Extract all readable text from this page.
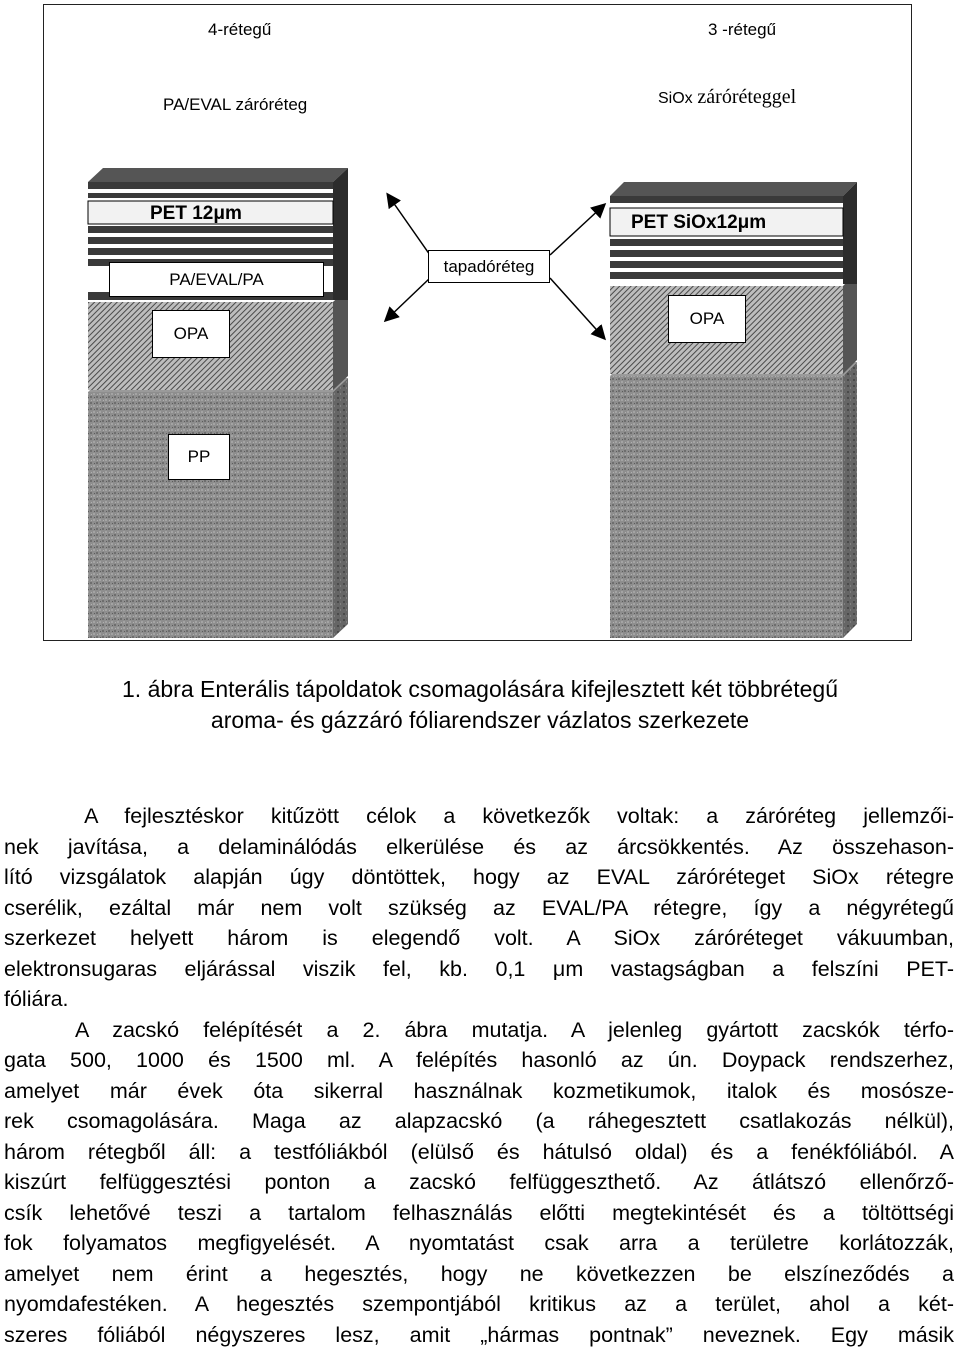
4-rétegű
PA/EVAL záróréteg
3 -rétegű
SiOx záróréteggel
PET 12μm	PET SiOx12μm
tapadóréteg
PA/EVAL/PA
OPA
OPA
PP
1. ábra Enterális tápoldatok csomagolására kifejlesztett két többrétegű
aroma- és gázzáró fóliarendszer vázlatos szerkezete
A fejlesztéskor kitűzött célok a következők voltak: a záróréteg jellemzői-
nek javítása, a delaminálódás elkerülése és az árcsökkentés. Az összehason-
lító vizsgálatok alapján úgy döntöttek, hogy az EVAL záróréteget SiOx rétegre
cserélik, ezáltal már nem volt szükség az EVAL/PA rétegre, így a négyrétegű
szerkezet helyett három is elegendő volt. A SiOx záróréteget vákuumban,
elektronsugaras eljárással viszik fel, kb. 0,1 μm vastagságban a felszíni PET-
fóliára.
A zacskó felépítését a 2. ábra mutatja. A jelenleg gyártott zacskók térfo-
gata 500, 1000 és 1500 ml. A felépítés hasonló az ún. Doypack rendszerhez,
amelyet már évek óta sikerral használnak kozmetikumok, italok és mosósze-
rek csomagolására. Maga az alapzacskó (a ráhegesztett csatlakozás nélkül),
három rétegből áll: a testfóliákból (elülső és hátulsó oldal) és a fenékfóliából. A
kiszúrt felfüggesztési ponton a zacskó felfüggeszthető. Az átlátszó ellenőrző-
csík lehetővé teszi a tartalom felhasználás előtti megtekintését és a töltöttségi
fok folyamatos megfigyelését. A nyomtatást csak arra a területre korlátozzák,
amelyet nem érint a hegesztés, hogy ne következzen be elszíneződés a
nyomdafestéken. A hegesztés szempontjából kritikus az a terület, ahol a két-
szeres fóliából négyszeres lesz, amit „hármas pontnak” neveznek. Egy másik
